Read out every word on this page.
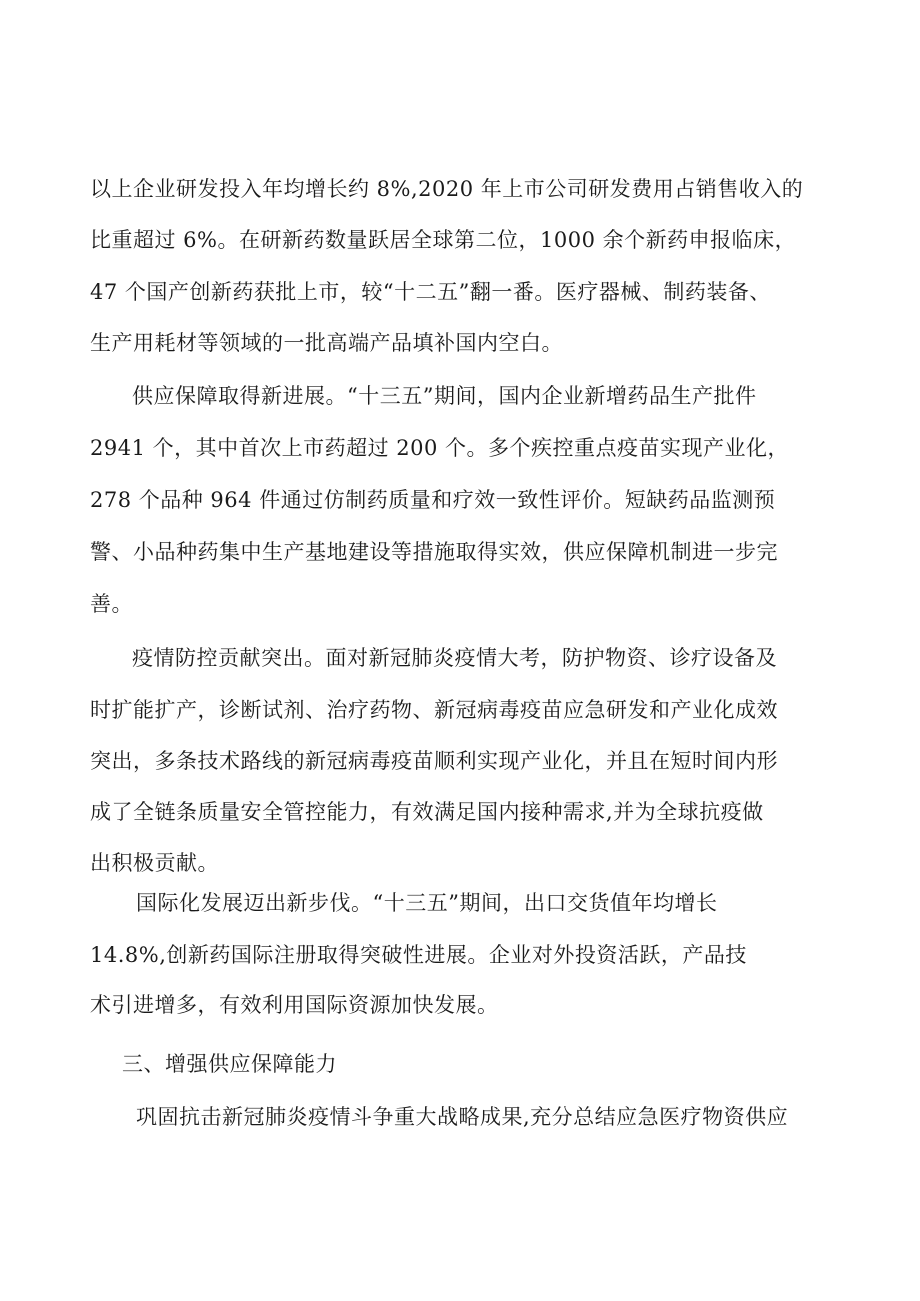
以上企业研发投入年均增长约 8%,2020 年上市公司研发费用占销售收入的
比重超过 6%。在研新药数量跃居全球第二位，1000 余个新药申报临床，
47 个国产创新药获批上市，较“十二五”翻一番。医疗器械、制药装备、
生产用耗材等领域的一批高端产品填补国内空白。
供应保障取得新进展。“十三五”期间，国内企业新增药品生产批件
2941 个，其中首次上市药超过 200 个。多个疾控重点疫苗实现产业化，
278 个品种 964 件通过仿制药质量和疗效一致性评价。短缺药品监测预
警、小品种药集中生产基地建设等措施取得实效，供应保障机制进一步完
善。
疫情防控贡献突出。面对新冠肺炎疫情大考，防护物资、诊疗设备及
时扩能扩产，诊断试剂、治疗药物、新冠病毒疫苗应急研发和产业化成效
突出，多条技术路线的新冠病毒疫苗顺利实现产业化，并且在短时间内形
成了全链条质量安全管控能力，有效满足国内接种需求,并为全球抗疫做
出积极贡献。
国际化发展迈出新步伐。“十三五”期间，出口交货值年均增长
14.8%,创新药国际注册取得突破性进展。企业对外投资活跃，产品技
术引进增多，有效利用国际资源加快发展。
三、增强供应保障能力
巩固抗击新冠肺炎疫情斗争重大战略成果,充分总结应急医疗物资供应
